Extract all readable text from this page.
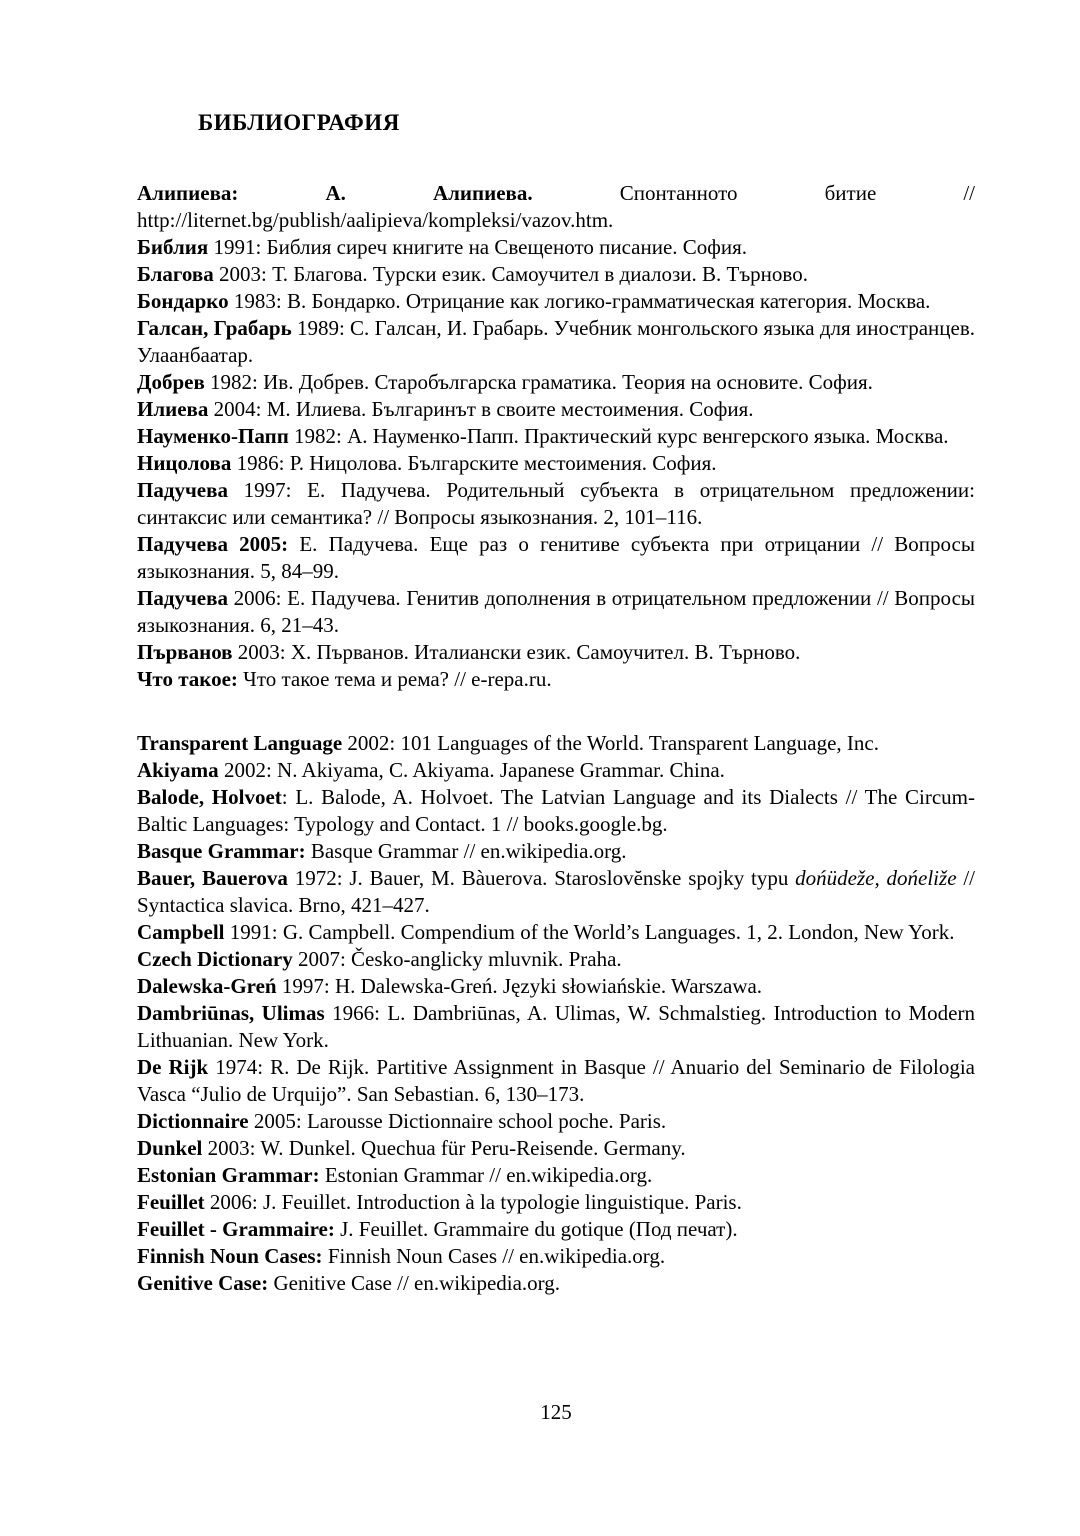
БИБЛИОГРАФИЯ

Алипиева: А. Алипиева. Спонтанното битие // http://liternet.bg/publish/aalipieva/kompleksi/vazov.htm.

Библия 1991: Библия сиреч книгите на Свещеното писание. София.

Благова 2003: Т. Благова. Турски език. Самоучител в диалози. В. Търново.

Бондарко 1983: В. Бондарко. Отрицание как логико-грамматическая категория. Москва.

Галсан, Грабарь 1989: С. Галсан, И. Грабарь. Учебник монгольского языка для иностранцев. Улаанбаатар.

Добрев 1982: Ив. Добрев. Старобългарска граматика. Теория на основите. София.

Илиева 2004: М. Илиева. Българинът в своите местоимения. София.

Науменко-Папп 1982: А. Науменко-Папп. Практический курс венгерского языка. Москва.

Ницолова 1986: Р. Ницолова. Българските местоимения. София.

Падучева 1997: Е. Падучева. Родительный субъекта в отрицательном предложении: синтаксис или семантика? // Вопросы языкознания. 2, 101–116.

Падучева 2005: Е. Падучева. Еще раз о генитиве субъекта при отрицании // Вопросы языкознания. 5, 84–99.

Падучева 2006: Е. Падучева. Генитив дополнения в отрицательном предложении // Вопросы языкознания. 6, 21–43.

Първанов 2003: Х. Първанов. Италиански език. Самоучител. В. Търново.

Что такое: Что такое тема и рема? // e-repa.ru.

Transparent Language 2002: 101 Languages of the World. Transparent Language, Inc.

Akiyama 2002: N. Akiyama, C. Akiyama. Japanese Grammar. China.

Balode, Holvoet: L. Balode, A. Holvoet. The Latvian Language and its Dialects // The Circum-Baltic Languages: Typology and Contact. 1 // books.google.bg.

Basque Grammar: Basque Grammar // en.wikipedia.org.

Bauer, Bauerova 1972: J. Bauer, M. Bàuerova. Staroslovĕnske spojky typu dońüdeže, dońeliže // Syntactica slavica. Brno, 421–427.

Campbell 1991: G. Campbell. Compendium of the World’s Languages. 1, 2. London, New York.

Czech Dictionary 2007: Česko-anglicky mluvnik. Praha.

Dalewska-Greń 1997: H. Dalewska-Greń. Języki słowiańskie. Warszawa.

Dambriūnas, Ulimas 1966: L. Dambriūnas, A. Ulimas, W. Schmalstieg. Introduction to Modern Lithuanian. New York.

De Rijk 1974: R. De Rijk. Partitive Assignment in Basque // Anuario del Seminario de Filologia Vasca “Julio de Urquijo”. San Sebastian. 6, 130–173.

Dictionnaire 2005: Larousse Dictionnaire school poche. Paris.

Dunkel 2003: W. Dunkel. Quechua für Peru-Reisende. Germany.

Estonian Grammar: Estonian Grammar // en.wikipedia.org.

Feuillet 2006: J. Feuillet. Introduction à la typologie linguistique. Paris.

Feuillet - Grammaire: J. Feuillet. Grammaire du gotique (Под печат).

Finnish Noun Cases: Finnish Noun Cases // en.wikipedia.org.

Genitive Case: Genitive Case // en.wikipedia.org.

125
